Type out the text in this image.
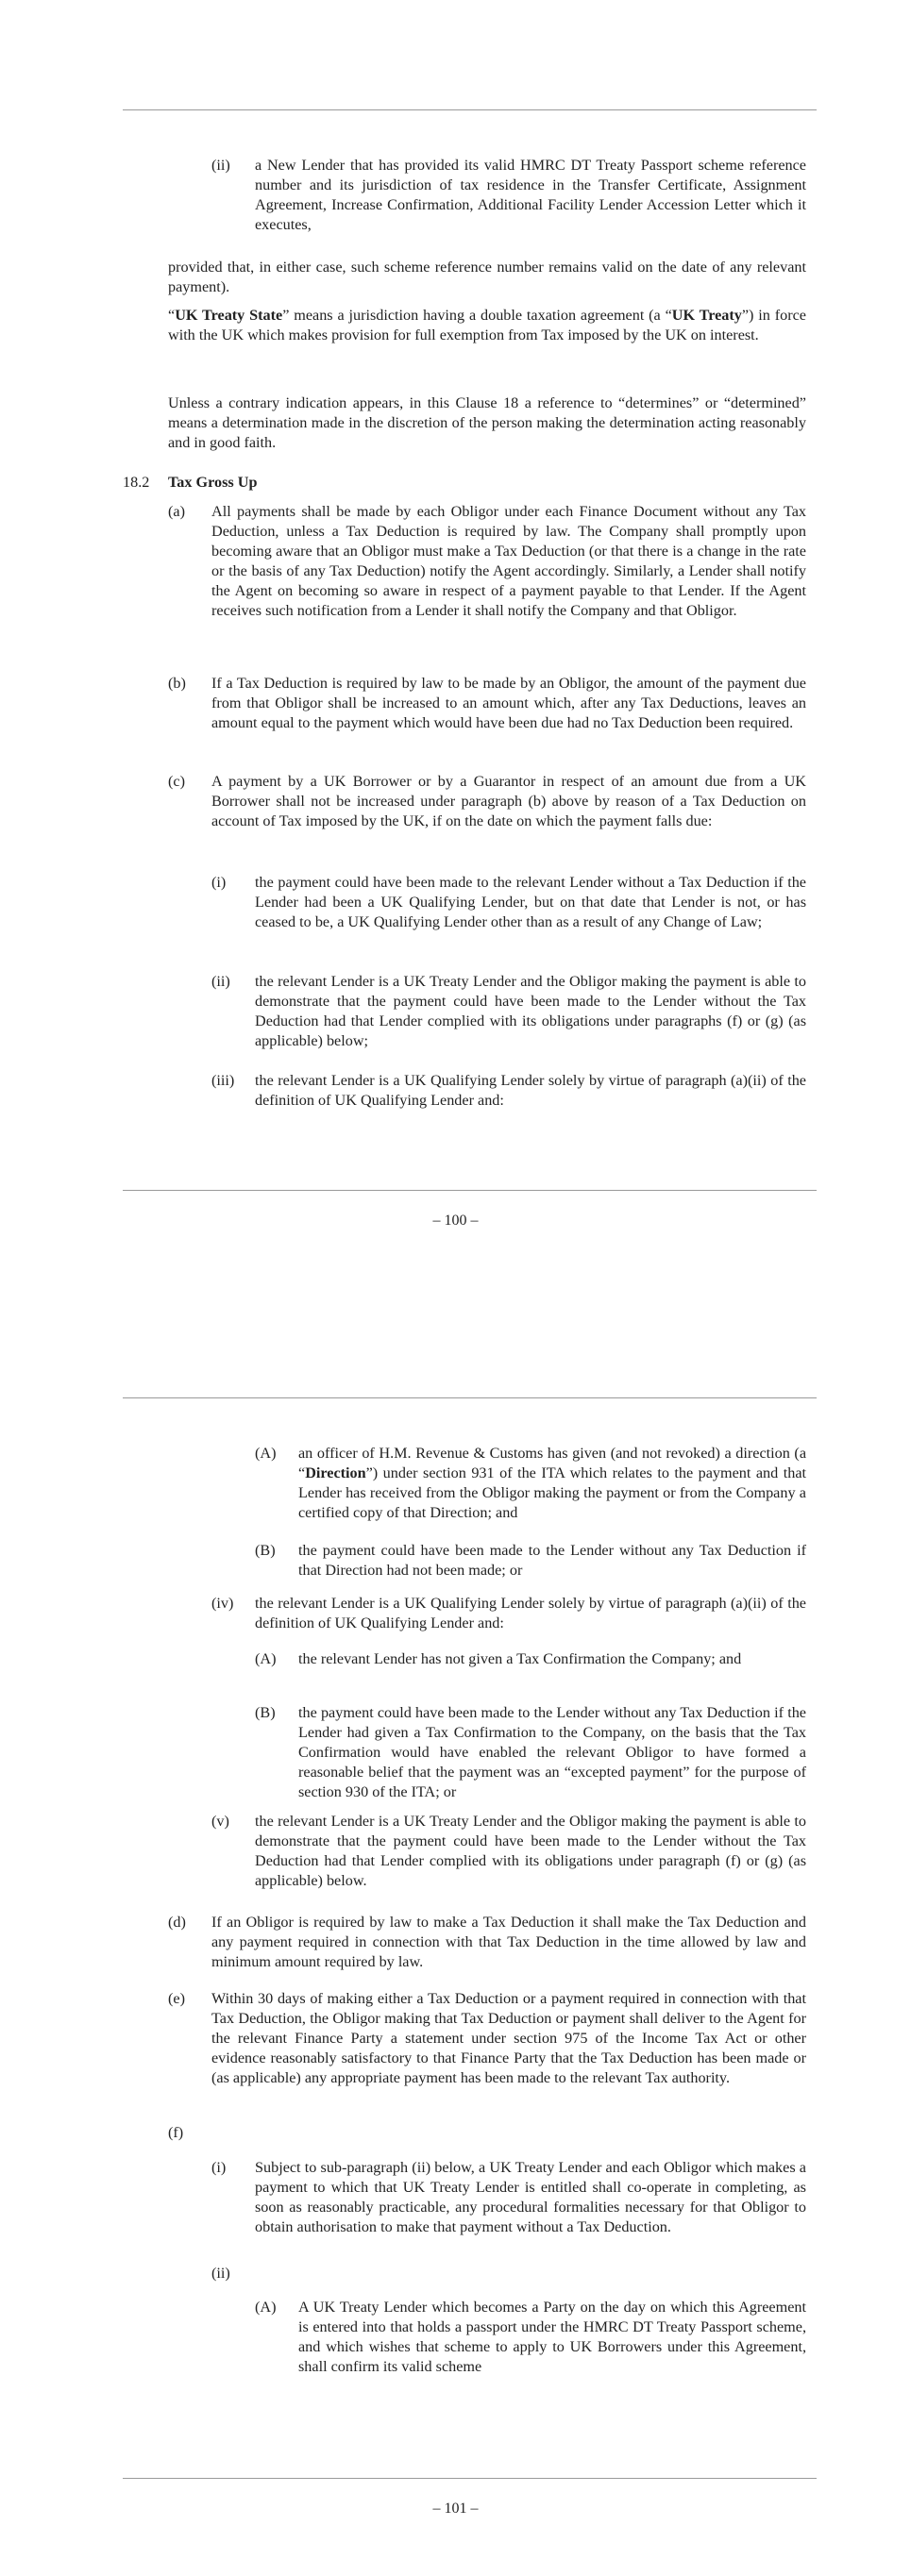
(ii) a New Lender that has provided its valid HMRC DT Treaty Passport scheme reference number and its jurisdiction of tax residence in the Transfer Certificate, Assignment Agreement, Increase Confirmation, Additional Facility Lender Accession Letter which it executes,
provided that, in either case, such scheme reference number remains valid on the date of any relevant payment).
“UK Treaty State” means a jurisdiction having a double taxation agreement (a “UK Treaty”) in force with the UK which makes provision for full exemption from Tax imposed by the UK on interest.
Unless a contrary indication appears, in this Clause 18 a reference to “determines” or “determined” means a determination made in the discretion of the person making the determination acting reasonably and in good faith.
18.2 Tax Gross Up
(a) All payments shall be made by each Obligor under each Finance Document without any Tax Deduction, unless a Tax Deduction is required by law. The Company shall promptly upon becoming aware that an Obligor must make a Tax Deduction (or that there is a change in the rate or the basis of any Tax Deduction) notify the Agent accordingly. Similarly, a Lender shall notify the Agent on becoming so aware in respect of a payment payable to that Lender. If the Agent receives such notification from a Lender it shall notify the Company and that Obligor.
(b) If a Tax Deduction is required by law to be made by an Obligor, the amount of the payment due from that Obligor shall be increased to an amount which, after any Tax Deductions, leaves an amount equal to the payment which would have been due had no Tax Deduction been required.
(c) A payment by a UK Borrower or by a Guarantor in respect of an amount due from a UK Borrower shall not be increased under paragraph (b) above by reason of a Tax Deduction on account of Tax imposed by the UK, if on the date on which the payment falls due:
(i) the payment could have been made to the relevant Lender without a Tax Deduction if the Lender had been a UK Qualifying Lender, but on that date that Lender is not, or has ceased to be, a UK Qualifying Lender other than as a result of any Change of Law;
(ii) the relevant Lender is a UK Treaty Lender and the Obligor making the payment is able to demonstrate that the payment could have been made to the Lender without the Tax Deduction had that Lender complied with its obligations under paragraphs (f) or (g) (as applicable) below;
(iii) the relevant Lender is a UK Qualifying Lender solely by virtue of paragraph (a)(ii) of the definition of UK Qualifying Lender and:
– 100 –
(A) an officer of H.M. Revenue & Customs has given (and not revoked) a direction (a “Direction”) under section 931 of the ITA which relates to the payment and that Lender has received from the Obligor making the payment or from the Company a certified copy of that Direction; and
(B) the payment could have been made to the Lender without any Tax Deduction if that Direction had not been made; or
(iv) the relevant Lender is a UK Qualifying Lender solely by virtue of paragraph (a)(ii) of the definition of UK Qualifying Lender and:
(A) the relevant Lender has not given a Tax Confirmation the Company; and
(B) the payment could have been made to the Lender without any Tax Deduction if the Lender had given a Tax Confirmation to the Company, on the basis that the Tax Confirmation would have enabled the relevant Obligor to have formed a reasonable belief that the payment was an “excepted payment” for the purpose of section 930 of the ITA; or
(v) the relevant Lender is a UK Treaty Lender and the Obligor making the payment is able to demonstrate that the payment could have been made to the Lender without the Tax Deduction had that Lender complied with its obligations under paragraph (f) or (g) (as applicable) below.
(d) If an Obligor is required by law to make a Tax Deduction it shall make the Tax Deduction and any payment required in connection with that Tax Deduction in the time allowed by law and minimum amount required by law.
(e) Within 30 days of making either a Tax Deduction or a payment required in connection with that Tax Deduction, the Obligor making that Tax Deduction or payment shall deliver to the Agent for the relevant Finance Party a statement under section 975 of the Income Tax Act or other evidence reasonably satisfactory to that Finance Party that the Tax Deduction has been made or (as applicable) any appropriate payment has been made to the relevant Tax authority.
(f)
(i) Subject to sub-paragraph (ii) below, a UK Treaty Lender and each Obligor which makes a payment to which that UK Treaty Lender is entitled shall co-operate in completing, as soon as reasonably practicable, any procedural formalities necessary for that Obligor to obtain authorisation to make that payment without a Tax Deduction.
(ii)
(A) A UK Treaty Lender which becomes a Party on the day on which this Agreement is entered into that holds a passport under the HMRC DT Treaty Passport scheme, and which wishes that scheme to apply to UK Borrowers under this Agreement, shall confirm its valid scheme
– 101 –
